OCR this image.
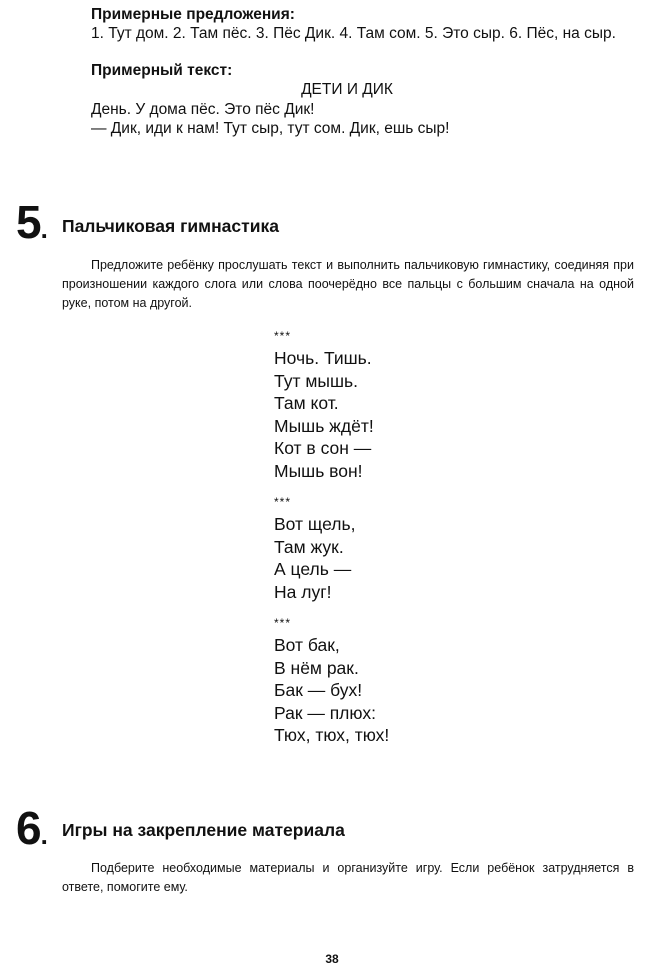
Примерные предложения:
1. Тут дом. 2. Там пёс. 3. Пёс Дик. 4. Там сом. 5. Это сыр. 6. Пёс, на сыр.
Примерный текст:
ДЕТИ И ДИК
День. У дома пёс. Это пёс Дик!
— Дик, иди к нам! Тут сыр, тут сом. Дик, ешь сыр!
5. Пальчиковая гимнастика
Предложите ребёнку прослушать текст и выполнить пальчиковую гимнастику, соединяя при произношении каждого слога или слова поочерёдно все пальцы с большим сначала на одной руке, потом на другой.
***
Ночь. Тишь.
Тут мышь.
Там кот.
Мышь ждёт!
Кот в сон —
Мышь вон!
***
Вот щель,
Там жук.
А цель —
На луг!
***
Вот бак,
В нём рак.
Бак — бух!
Рак — плюх:
Тюх, тюх, тюх!
6. Игры на закрепление материала
Подберите необходимые материалы и организуйте игру. Если ребёнок затрудняется в ответе, помогите ему.
38
